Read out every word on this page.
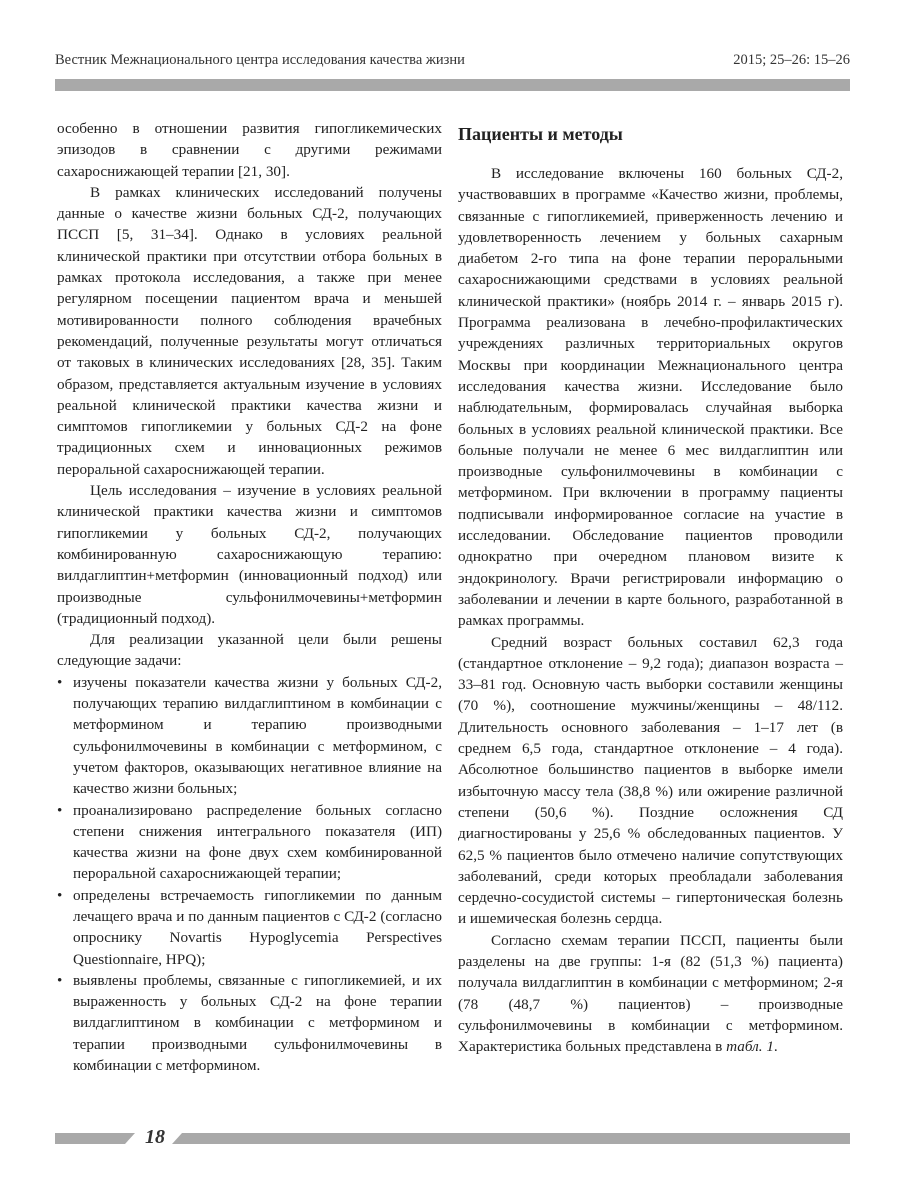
Вестник Межнационального центра исследования качества жизни	2015; 25–26: 15–26

особенно в отношении развития гипогликемических эпизодов в сравнении с другими режимами сахароснижающей терапии [21, 30].

В рамках клинических исследований получены данные о качестве жизни больных СД-2, получающих ПССП [5, 31–34]. Однако в условиях реальной клинической практики при отсутствии отбора больных в рамках протокола исследования, а также при менее регулярном посещении пациентом врача и меньшей мотивированности полного соблюдения врачебных рекомендаций, полученные результаты могут отличаться от таковых в клинических исследованиях [28, 35]. Таким образом, представляется актуальным изучение в условиях реальной клинической практики качества жизни и симптомов гипогликемии у больных СД-2 на фоне традиционных схем и инновационных режимов пероральной сахароснижающей терапии.

Цель исследования – изучение в условиях реальной клинической практики качества жизни и симптомов гипогликемии у больных СД-2, получающих комбинированную сахароснижающую терапию: вилдаглиптин+метформин (инновационный подход) или производные сульфонилмочевины+метформин (традиционный подход).

Для реализации указанной цели были решены следующие задачи:

• изучены показатели качества жизни у больных СД-2, получающих терапию вилдаглиптином в комбинации с метформином и терапию производными сульфонилмочевины в комбинации с метформином, с учетом факторов, оказывающих негативное влияние на качество жизни больных;
• проанализировано распределение больных согласно степени снижения интегрального показателя (ИП) качества жизни на фоне двух схем комбинированной пероральной сахароснижающей терапии;
• определены встречаемость гипогликемии по данным лечащего врача и по данным пациентов с СД-2 (согласно опроснику Novartis Hypoglycemia Perspectives Questionnaire, HPQ);
• выявлены проблемы, связанные с гипогликемией, и их выраженность у больных СД-2 на фоне терапии вилдаглиптином в комбинации с метформином и терапии производными сульфонилмочевины в комбинации с метформином.
Пациенты и методы

В исследование включены 160 больных СД-2, участвовавших в программе «Качество жизни, проблемы, связанные с гипогликемией, приверженность лечению и удовлетворенность лечением у больных сахарным диабетом 2-го типа на фоне терапии пероральными сахароснижающими средствами в условиях реальной клинической практики» (ноябрь 2014 г. – январь 2015 г). Программа реализована в лечебно-профилактических учреждениях различных территориальных округов Москвы при координации Межнационального центра исследования качества жизни. Исследование было наблюдательным, формировалась случайная выборка больных в условиях реальной клинической практики. Все больные получали не менее 6 мес вилдаглиптин или производные сульфонилмочевины в комбинации с метформином. При включении в программу пациенты подписывали информированное согласие на участие в исследовании. Обследование пациентов проводили однократно при очередном плановом визите к эндокринологу. Врачи регистрировали информацию о заболевании и лечении в карте больного, разработанной в рамках программы.

Средний возраст больных составил 62,3 года (стандартное отклонение – 9,2 года); диапазон возраста – 33–81 год. Основную часть выборки составили женщины (70 %), соотношение мужчины/женщины – 48/112. Длительность основного заболевания – 1–17 лет (в среднем 6,5 года, стандартное отклонение – 4 года). Абсолютное большинство пациентов в выборке имели избыточную массу тела (38,8 %) или ожирение различной степени (50,6 %). Поздние осложнения СД диагностированы у 25,6 % обследованных пациентов. У 62,5 % пациентов было отмечено наличие сопутствующих заболеваний, среди которых преобладали заболевания сердечно-сосудистой системы – гипертоническая болезнь и ишемическая болезнь сердца.

Согласно схемам терапии ПССП, пациенты были разделены на две группы: 1-я (82 (51,3 %) пациента) получала вилдаглиптин в комбинации с метформином; 2-я (78 (48,7 %) пациентов) – производные сульфонилмочевины в комбинации с метформином. Характеристика больных представлена в табл. 1.

18
